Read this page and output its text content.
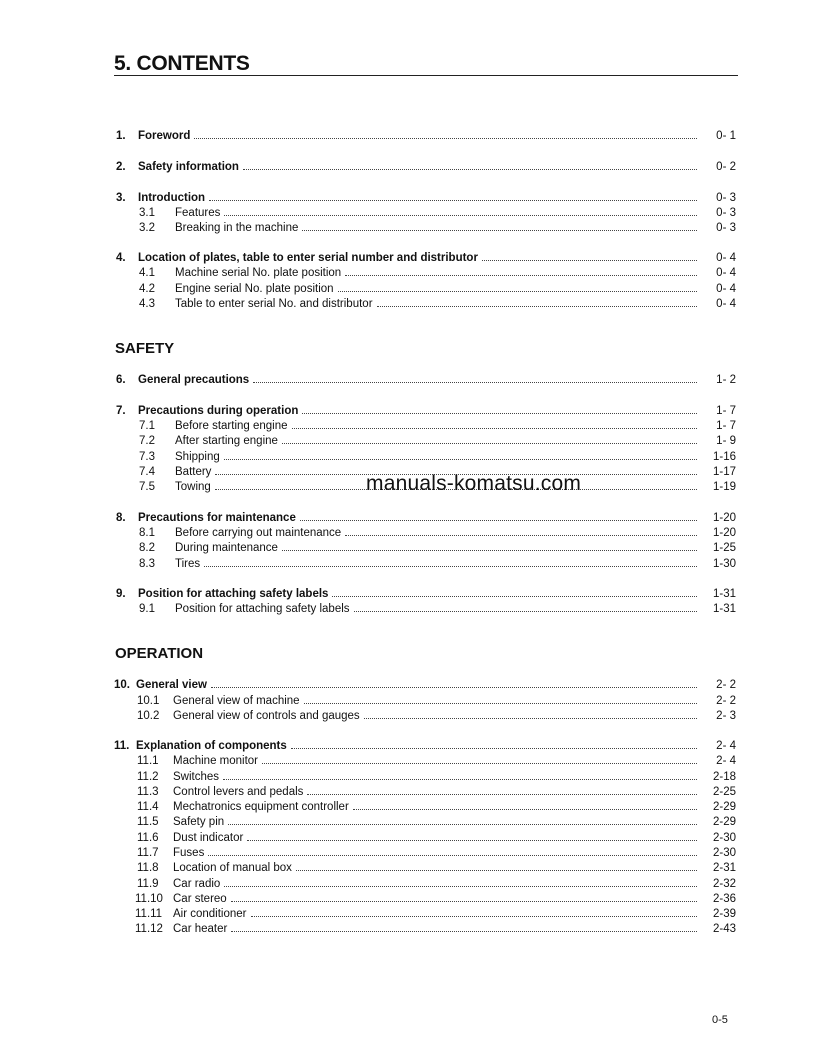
5. CONTENTS
SAFETY
OPERATION
1. Foreword	0- 1
2. Safety information	0- 2
3. Introduction	0- 3
3.1 Features	0- 3
3.2 Breaking in the machine	0- 3
4. Location of plates, table to enter serial number and distributor	0- 4
4.1 Machine serial No. plate position	0- 4
4.2 Engine serial No. plate position	0- 4
4.3 Table to enter serial No. and distributor	0- 4
6. General precautions	1- 2
7. Precautions during operation	1- 7
7.1 Before starting engine	1- 7
7.2 After starting engine	1- 9
7.3 Shipping	1-16
7.4 Battery	1-17
7.5 Towing	1-19
8. Precautions for maintenance	1-20
8.1 Before carrying out maintenance	1-20
8.2 During maintenance	1-25
8.3 Tires	1-30
9. Position for attaching safety labels	1-31
9.1 Position for attaching safety labels	1-31
10. General view	2- 2
10.1 General view of machine	2- 2
10.2 General view of controls and gauges	2- 3
11. Explanation of components	2- 4
11.1 Machine monitor	2- 4
11.2 Switches	2-18
11.3 Control levers and pedals	2-25
11.4 Mechatronics equipment controller	2-29
11.5 Safety pin	2-29
11.6 Dust indicator	2-30
11.7 Fuses	2-30
11.8 Location of manual box	2-31
11.9 Car radio	2-32
11.10 Car stereo	2-36
11.11 Air conditioner	2-39
11.12 Car heater	2-43
manuals-komatsu.com
0-5
